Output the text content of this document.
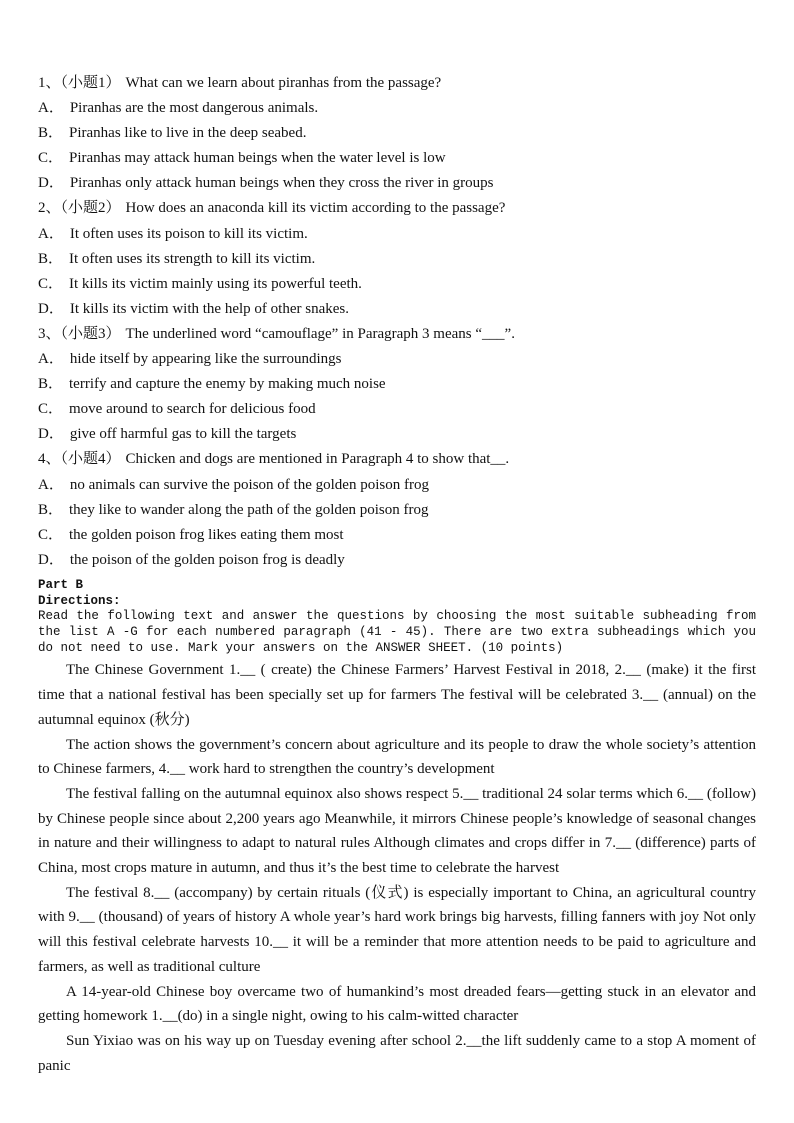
1、（小题1） What can we learn about piranhas from the passage?
A． Piranhas are the most dangerous animals.
B． Piranhas like to live in the deep seabed.
C． Piranhas may attack human beings when the water level is low
D． Piranhas only attack human beings when they cross the river in groups
2、（小题2） How does an anaconda kill its victim according to the passage?
A． It often uses its poison to kill its victim.
B． It often uses its strength to kill its victim.
C． It kills its victim mainly using its powerful teeth.
D． It kills its victim with the help of other snakes.
3、（小题3） The underlined word “camouflage” in Paragraph 3 means “___”.
A． hide itself by appearing like the surroundings
B． terrify and capture the enemy by making much noise
C． move around to search for delicious food
D． give off harmful gas to kill the targets
4、（小题4） Chicken and dogs are mentioned in Paragraph 4 to show that__.
A． no animals can survive the poison of the golden poison frog
B． they like to wander along the path of the golden poison frog
C． the golden poison frog likes eating them most
D． the poison of the golden poison frog is deadly
Part B
Directions:
Read the following text and answer the questions by choosing the most suitable subheading from the list A -G for each numbered paragraph (41 - 45). There are two extra subheadings which you do not need to use. Mark your answers on the ANSWER SHEET. (10 points)

The Chinese Government 1.__ ( create) the Chinese Farmers’ Harvest Festival in 2018, 2.__ (make) it the first time that a national festival has been specially set up for farmers The festival will be celebrated 3.__ (annual) on the autumnal equinox (秋分)

The action shows the government’s concern about agriculture and its people to draw the whole society’s attention to Chinese farmers, 4.__ work hard to strengthen the country’s development

The festival falling on the autumnal equinox also shows respect 5.__ traditional 24 solar terms which 6.__ (follow) by Chinese people since about 2,200 years ago Meanwhile, it mirrors Chinese people’s knowledge of seasonal changes in nature and their willingness to adapt to natural rules Although climates and crops differ in 7.__ (difference) parts of China, most crops mature in autumn, and thus it’s the best time to celebrate the harvest

The festival 8.__ (accompany) by certain rituals (仪式) is especially important to China, an agricultural country with 9.__ (thousand) of years of history A whole year’s hard work brings big harvests, filling fanners with joy Not only will this festival celebrate harvests 10.__ it will be a reminder that more attention needs to be paid to agriculture and farmers, as well as traditional culture

A 14-year-old Chinese boy overcame two of humankind’s most dreaded fears—getting stuck in an elevator and getting homework 1.__(do) in a single night, owing to his calm-witted character

Sun Yixiao was on his way up on Tuesday evening after school 2.__the lift suddenly came to a stop A moment of panic
